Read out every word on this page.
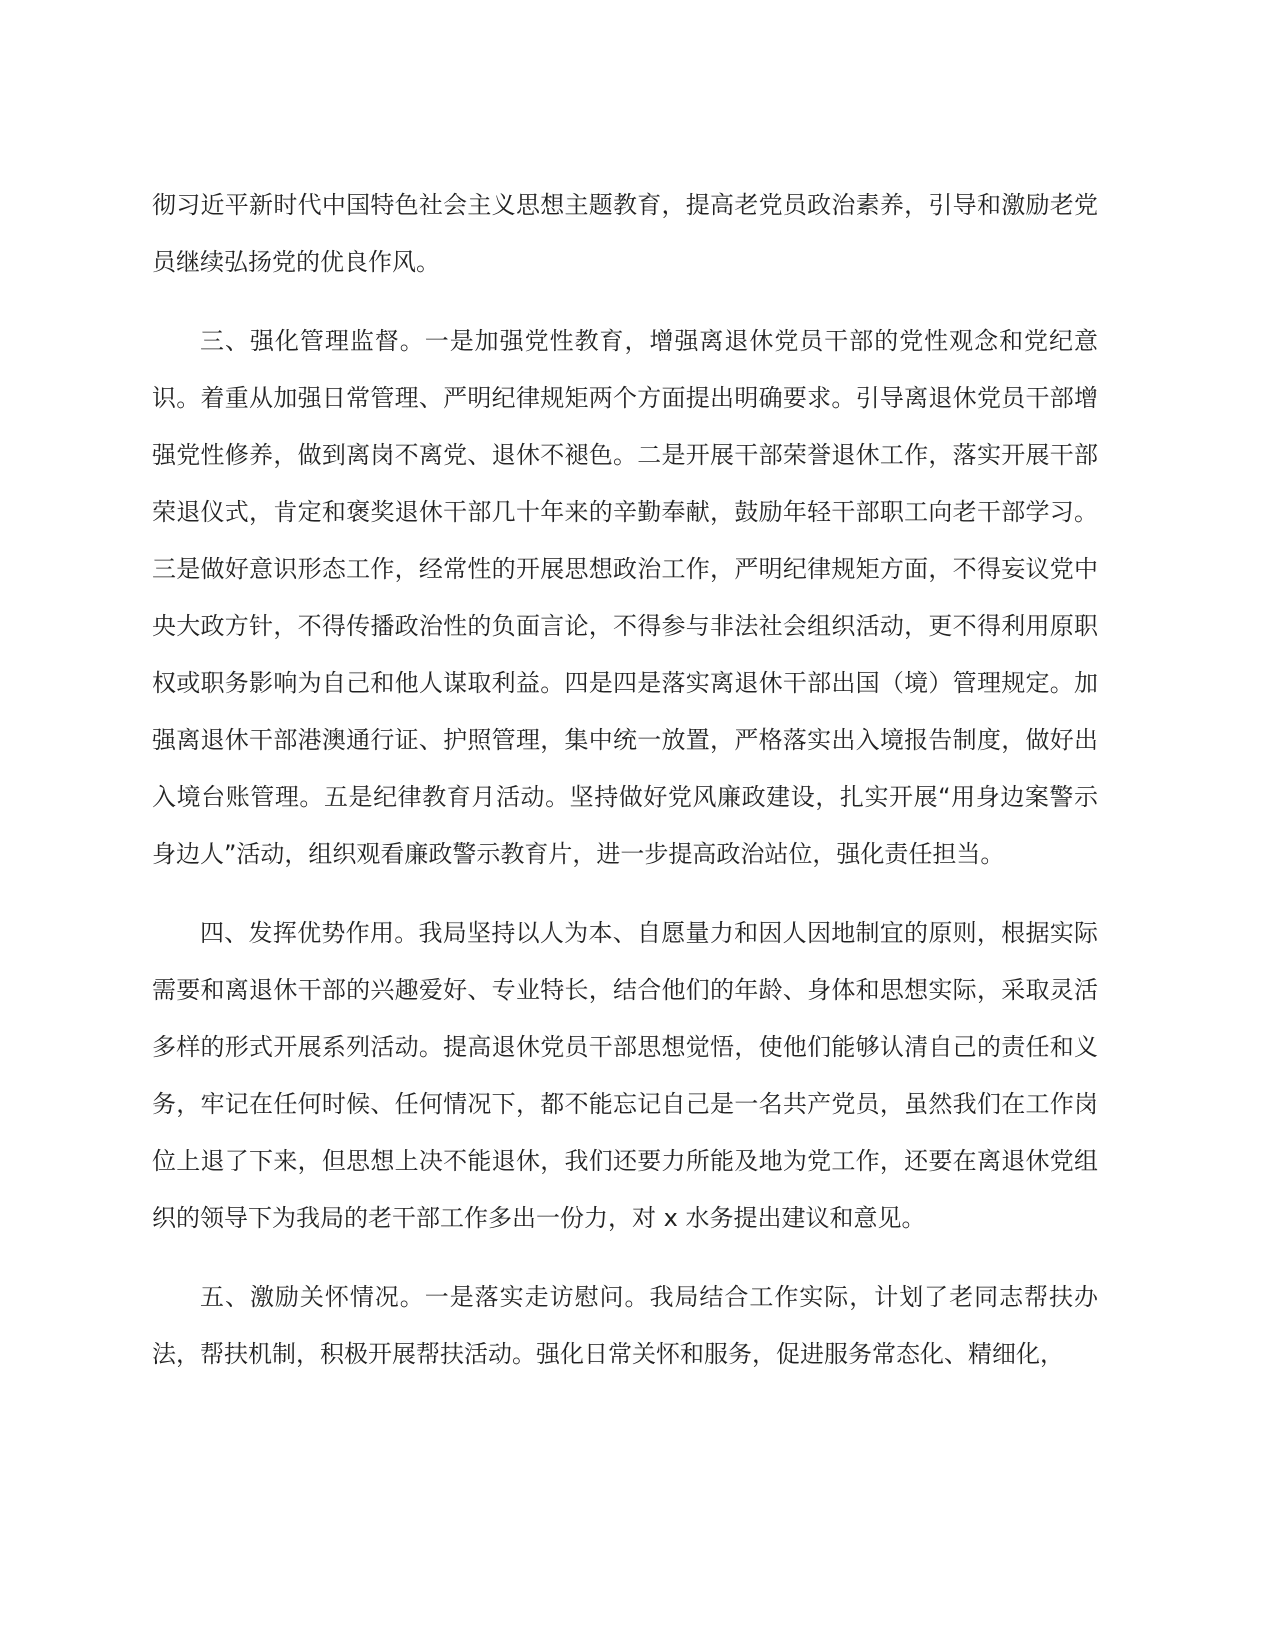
彻习近平新时代中国特色社会主义思想主题教育，提高老党员政治素养，引导和激励老党员继续弘扬党的优良作风。

三、强化管理监督。一是加强党性教育，增强离退休党员干部的党性观念和党纪意识。着重从加强日常管理、严明纪律规矩两个方面提出明确要求。引导离退休党员干部增强党性修养，做到离岗不离党、退休不褪色。二是开展干部荣誉退休工作，落实开展干部荣退仪式，肯定和褒奖退休干部几十年来的辛勤奉献，鼓励年轻干部职工向老干部学习。三是做好意识形态工作，经常性的开展思想政治工作，严明纪律规矩方面，不得妄议党中央大政方针，不得传播政治性的负面言论，不得参与非法社会组织活动，更不得利用原职权或职务影响为自己和他人谋取利益。四是四是落实离退休干部出国（境）管理规定。加强离退休干部港澳通行证、护照管理，集中统一放置，严格落实出入境报告制度，做好出入境台账管理。五是纪律教育月活动。坚持做好党风廉政建设，扎实开展“用身边案警示身边人”活动，组织观看廉政警示教育片，进一步提高政治站位，强化责任担当。

四、发挥优势作用。我局坚持以人为本、自愿量力和因人因地制宜的原则，根据实际需要和离退休干部的兴趣爱好、专业特长，结合他们的年龄、身体和思想实际，采取灵活多样的形式开展系列活动。提高退休党员干部思想觉悟，使他们能够认清自己的责任和义务，牢记在任何时候、任何情况下，都不能忘记自己是一名共产党员，虽然我们在工作岗位上退了下来，但思想上决不能退休，我们还要力所能及地为党工作，还要在离退休党组织的领导下为我局的老干部工作多出一份力，对 x 水务提出建议和意见。

五、激励关怀情况。一是落实走访慰问。我局结合工作实际，计划了老同志帮扶办法，帮扶机制，积极开展帮扶活动。强化日常关怀和服务，促进服务常态化、精细化，
